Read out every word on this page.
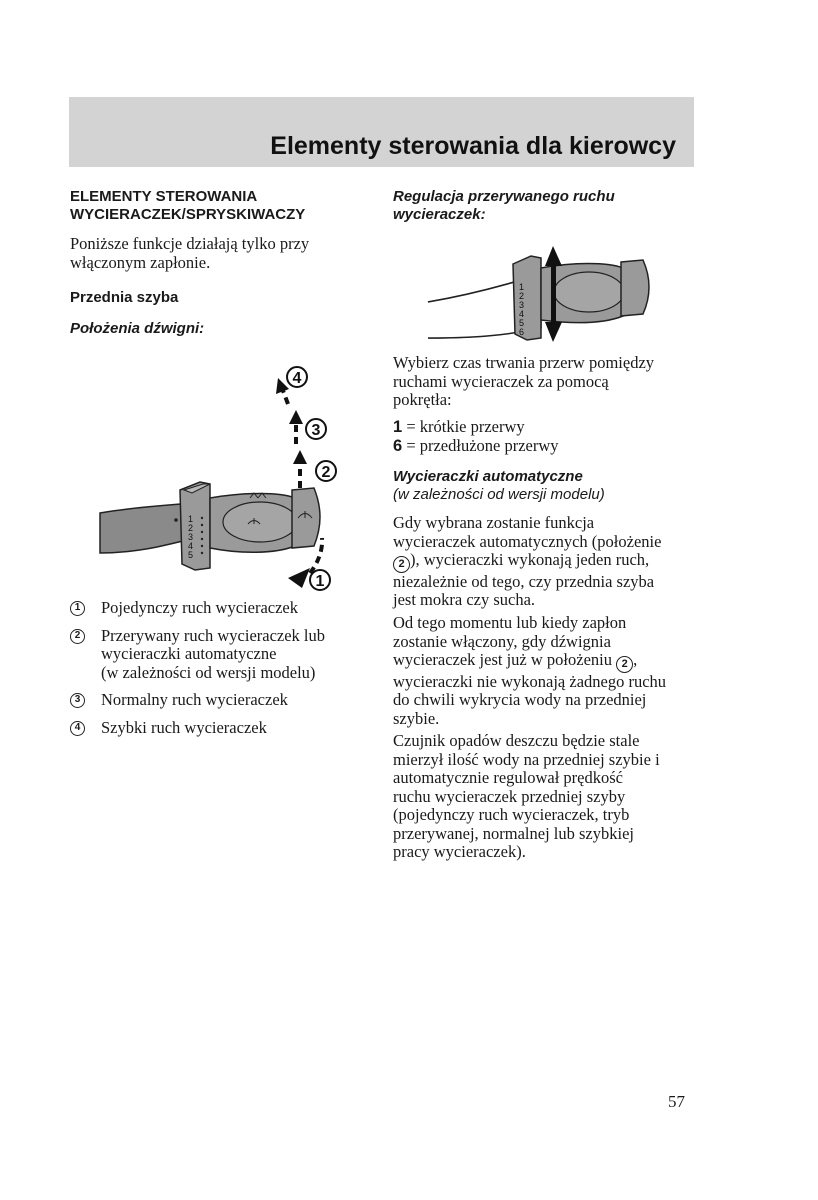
Elementy sterowania dla kierowcy

ELEMENTY STEROWANIA
WYCIERACZEK/SPRYSKIWACZY

Poniższe funkcje działają tylko przy
włączonym zapłonie.

Przednia szyba

Położenia dźwigni:

1
2
3
4
5
1
2
3
4
1 Pojedynczy ruch wycieraczek
2 Przerywany ruch wycieraczek lub
wycieraczki automatyczne
(w zależności od wersji modelu)
3 Normalny ruch wycieraczek
4 Szybki ruch wycieraczek

Regulacja przerywanego ruchu
wycieraczek:

1
2
3
4
5
6

Wybierz czas trwania przerw pomiędzy
ruchami wycieraczek za pomocą
pokrętła:

1 = krótkie przerwy
6 = przedłużone przerwy

Wycieraczki automatyczne

(w zależności od wersji modelu)

Gdy wybrana zostanie funkcja
wycieraczek automatycznych (położenie
2 ), wycieraczki wykonają jeden ruch,
niezależnie od tego, czy przednia szyba
jest mokra czy sucha.

Od tego momentu lub kiedy zapłon
zostanie włączony, gdy dźwignia
wycieraczek jest już w położeniu 2 ,
wycieraczki nie wykonają żadnego ruchu
do chwili wykrycia wody na przedniej
szybie.

Czujnik opadów deszczu będzie stale
mierzył ilość wody na przedniej szybie i
automatycznie regulował prędkość
ruchu wycieraczek przedniej szyby
(pojedynczy ruch wycieraczek, tryb
przerywanej, normalnej lub szybkiej
pracy wycieraczek).

57
